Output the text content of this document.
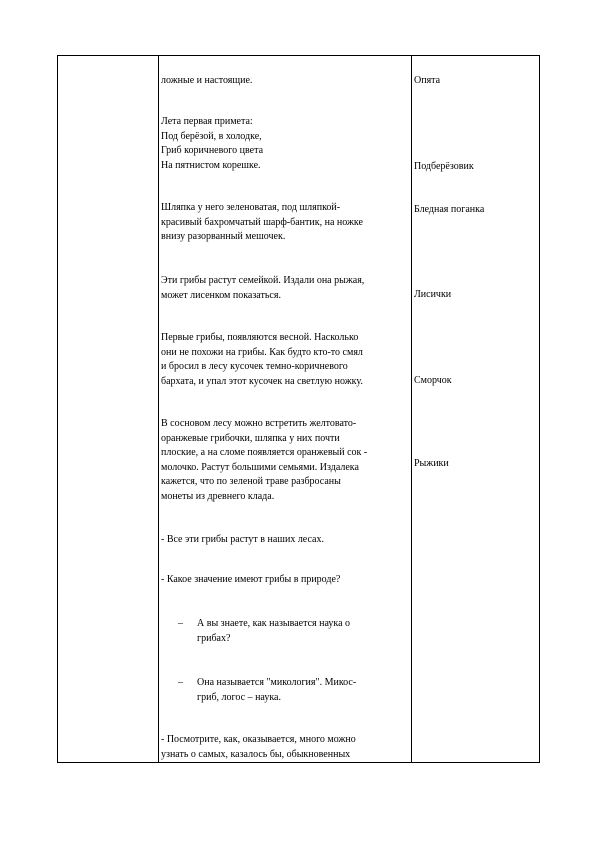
ложные и настоящие.

Лета первая примета:

Под берёзой, в холодке,

Гриб коричневого цвета

На пятнистом корешке.

Шляпка у него зеленоватая, под шляпкой-

красивый бахромчатый шарф-бантик, на ножке

внизу разорванный мешочек.

Эти грибы растут семейкой. Издали она рыжая,

может лисенком показаться.

Первые грибы, появляются весной. Насколько

они не похожи на грибы. Как будто кто-то смял

и бросил в лесу кусочек темно-коричневого

бархата, и упал этот кусочек на светлую ножку.

В сосновом лесу можно встретить желтовато-

оранжевые грибочки, шляпка у них почти

плоские, а на сломе появляется оранжевый сок -

молочко. Растут большими семьями. Издалека

кажется, что по зеленой траве разбросаны

монеты из древнего клада.

- Все эти грибы растут в наших лесах.

- Какое значение имеют грибы в природе?

– А вы знаете, как называется наука о

грибах?

– Она называется "микология". Микос-

гриб, логос – наука.

- Посмотрите, как, оказывается, много можно

узнать о самых, казалось бы, обыкновенных

Опята

Подберёзовик

Бледная поганка

Лисички

Сморчок

Рыжики
